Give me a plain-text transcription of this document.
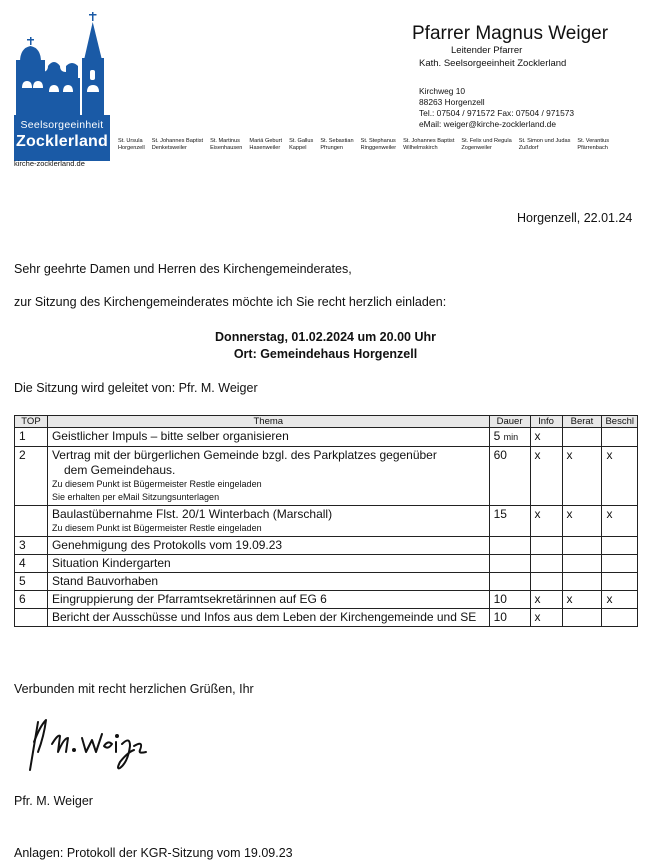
Seelsorgeeinheit
Zocklerland
kirche-zocklerland.de
St. Ursula
Horgenzell
St. Johannes Baptist
Denketsweiler
St. Martinus
Eisenhausen
Mariä Geburt
Hasenweiler
St. Gallus
Kappel
St. Sebastian
Pfrungen
St. Stephanus
Ringgenweiler
St. Johannes Baptist
Wilhelmskirch
St. Felix und Regula
Zogenweiler
St. Simon und Judas
Zußdorf
St. Verantius
Pfärrenbach
Pfarrer Magnus Weiger
Leitender Pfarrer
Kath. Seelsorgeeinheit Zocklerland
Kirchweg 10
88263 Horgenzell
Tel.: 07504 / 971572 Fax: 07504 / 971573
eMail: weiger@kirche-zocklerland.de
Horgenzell, 22.01.24
Sehr geehrte Damen und Herren des Kirchengemeinderates,
zur Sitzung des Kirchengemeinderates möchte ich Sie recht herzlich einladen:
Donnerstag, 01.02.2024 um 20.00 Uhr
Ort: Gemeindehaus Horgenzell
Die Sitzung wird geleitet von: Pfr. M. Weiger
TOP	Thema	Dauer	Info	Berat	Beschl
1	Geistlicher Impuls – bitte selber organisieren	5 min	x		
2	Vertrag mit der bürgerlichen Gemeinde bzgl. des Parkplatzes gegenüber
dem Gemeindehaus.
Zu diesem Punkt ist Bügermeister Restle eingeladen
Sie erhalten per eMail Sitzungsunterlagen	60	x	x	x
	Baulastübernahme Flst. 20/1 Winterbach (Marschall)
Zu diesem Punkt ist Bügermeister Restle eingeladen	15	x	x	x
3	Genehmigung des Protokolls vom 19.09.23				
4	Situation Kindergarten				
5	Stand Bauvorhaben				
6	Eingruppierung der Pfarramtsekretärinnen auf EG 6	10	x	x	x
	Bericht der Ausschüsse und Infos aus dem Leben der Kirchengemeinde und SE	10	x		
Verbunden mit recht herzlichen Grüßen, Ihr
Pfr. M. Weiger
Anlagen: Protokoll der KGR-Sitzung vom 19.09.23
